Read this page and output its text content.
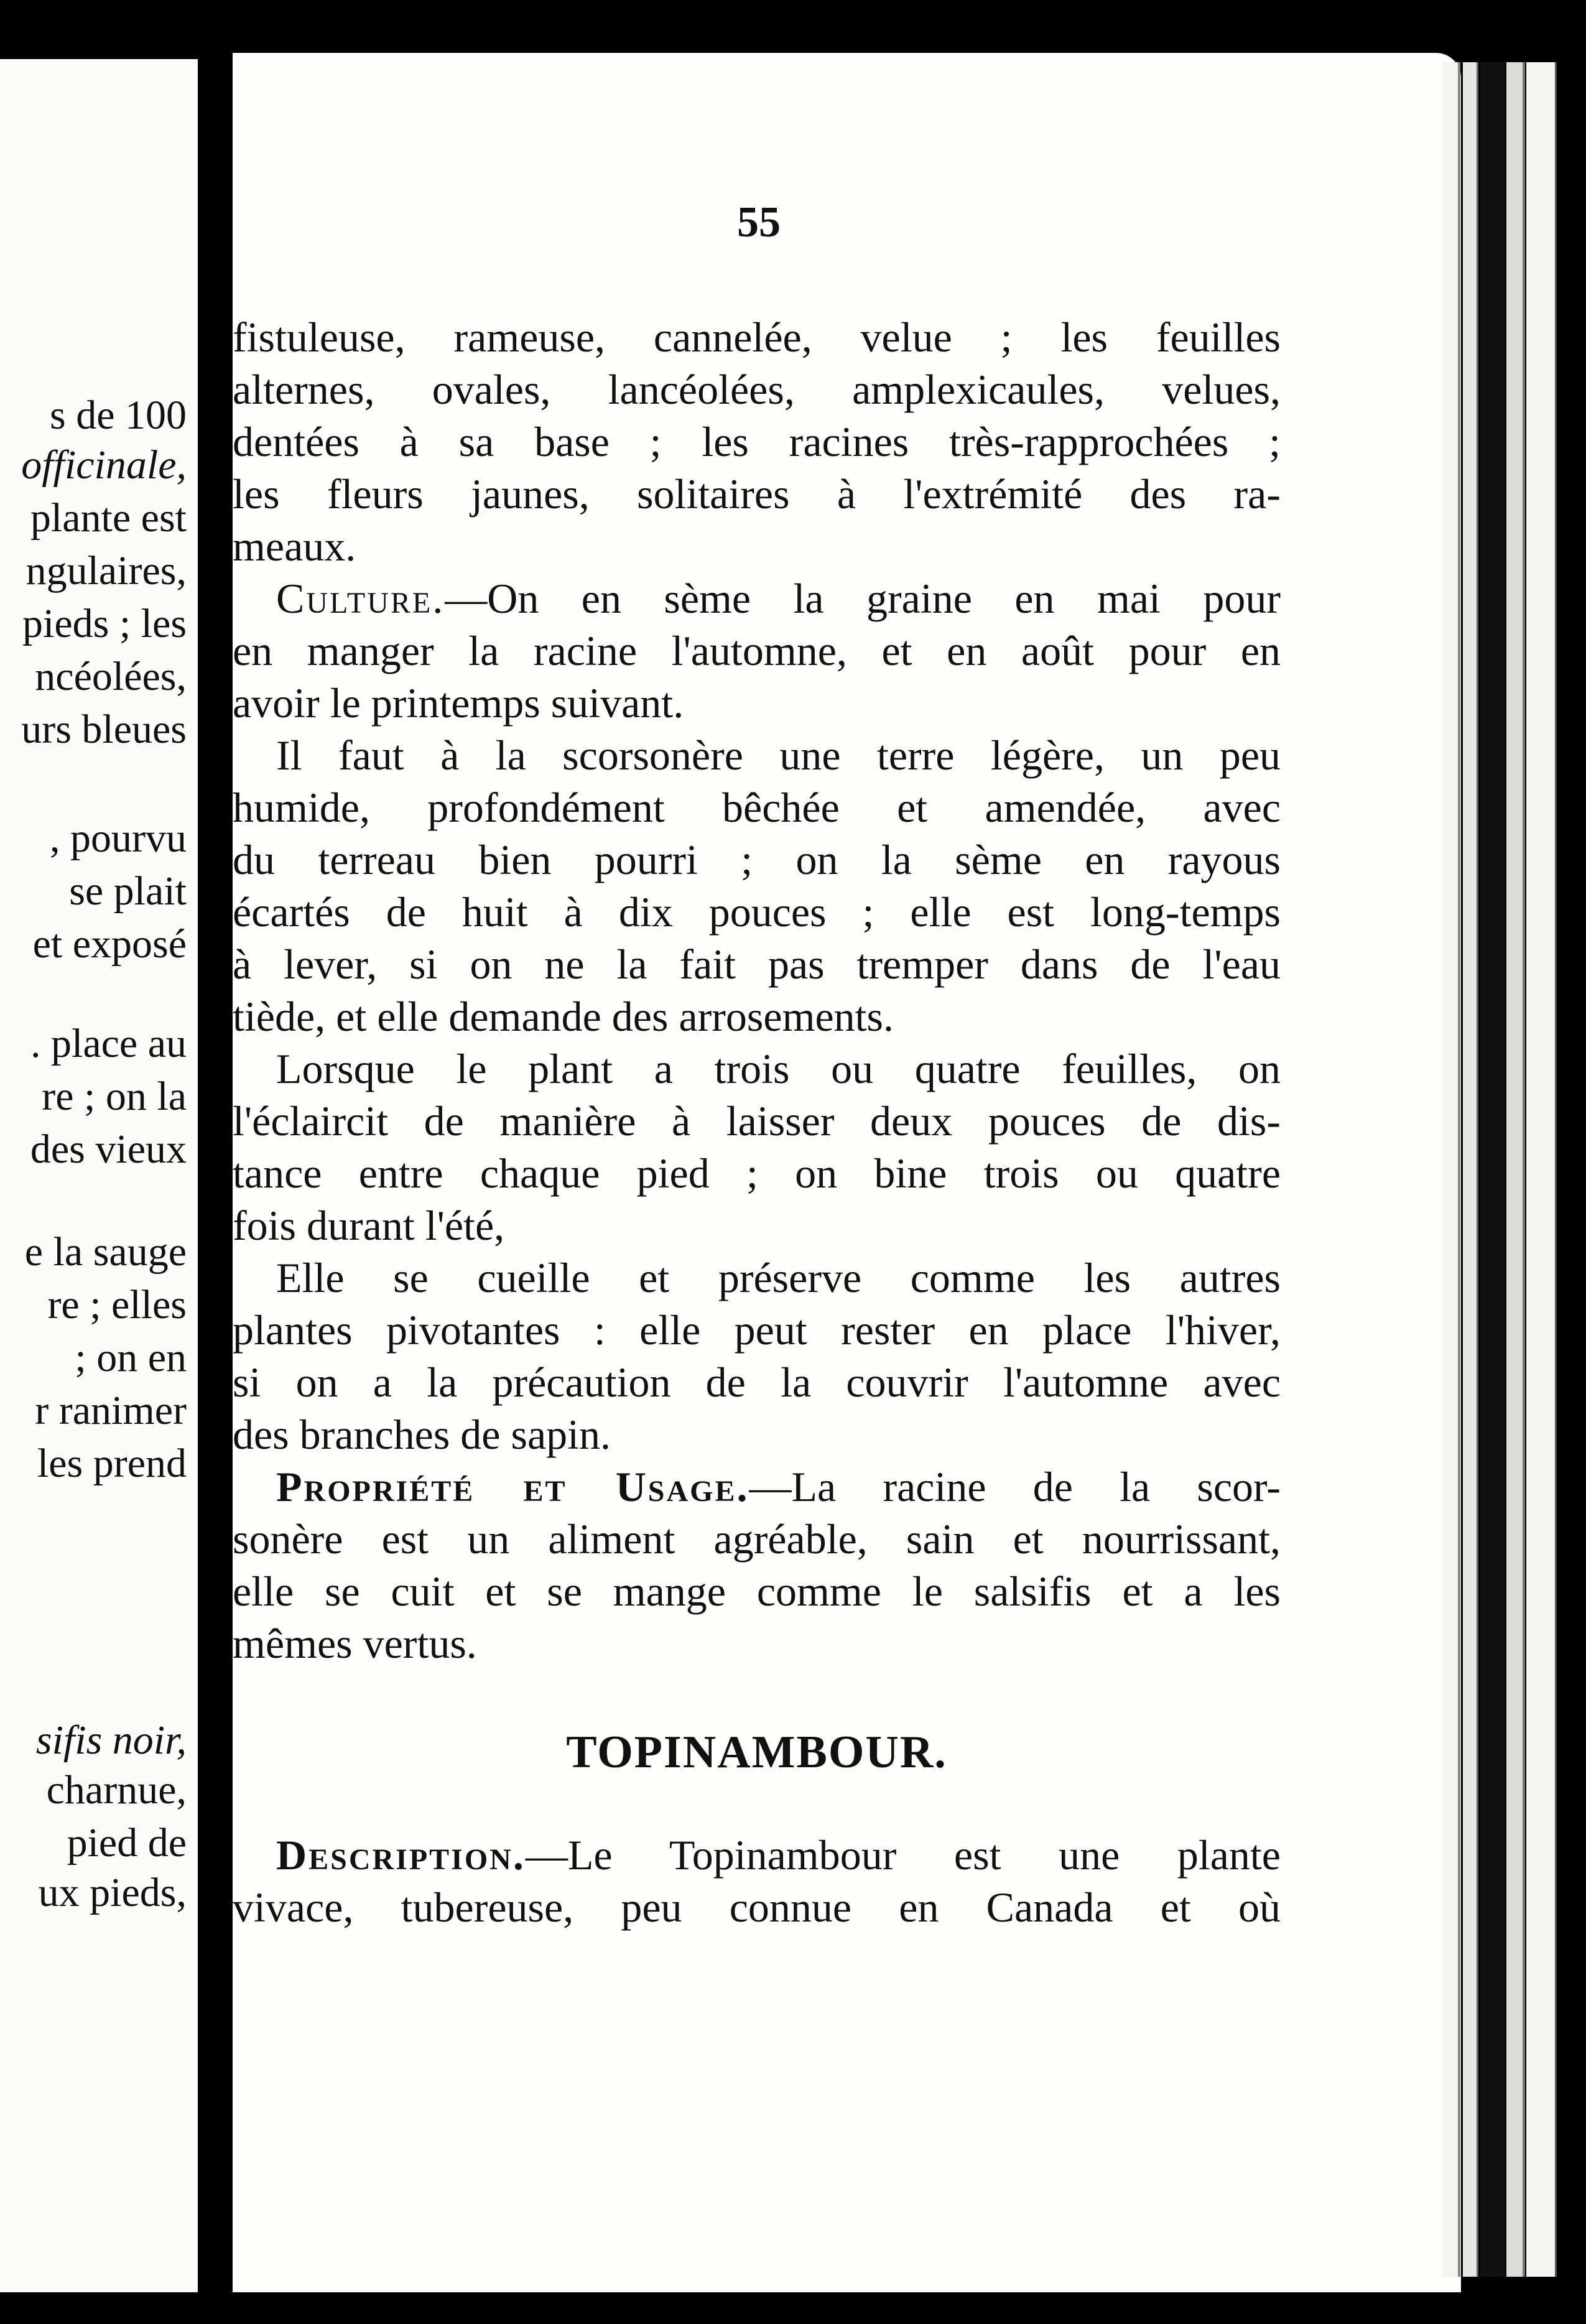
s de 100
officinale,
plante est
ngulaires,
pieds ; les
ncéolées,
urs bleues
, pourvu
se plait
et exposé
. place au
re ; on la
des vieux
e la sauge
re ; elles
; on en
r ranimer
les prend
sifis noir,
charnue,
pied de
ux pieds,
55
fistuleuse, rameuse, cannelée, velue ; les feuilles
alternes, ovales, lancéolées, amplexicaules, velues,
dentées à sa base ; les racines très-rapprochées ;
les fleurs jaunes, solitaires à l'extrémité des ra-
meaux.
Culture.—On en sème la graine en mai pour
en manger la racine l'automne, et en août pour en
avoir le printemps suivant.
Il faut à la scorsonère une terre légère, un peu
humide, profondément bêchée et amendée, avec
du terreau bien pourri ; on la sème en rayous
écartés de huit à dix pouces ; elle est long-temps
à lever, si on ne la fait pas tremper dans de l'eau
tiède, et elle demande des arrosements.
Lorsque le plant a trois ou quatre feuilles, on
l'éclaircit de manière à laisser deux pouces de dis-
tance entre chaque pied ; on bine trois ou quatre
fois durant l'été,
Elle se cueille et préserve comme les autres
plantes pivotantes : elle peut rester en place l'hiver,
si on a la précaution de la couvrir l'automne avec
des branches de sapin.
Propriété et Usage.—La racine de la scor-
sonère est un aliment agréable, sain et nourrissant,
elle se cuit et se mange comme le salsifis et a les
mêmes vertus.
Description.—Le Topinambour est une plante
vivace, tubereuse, peu connue en Canada et où
TOPINAMBOUR.
